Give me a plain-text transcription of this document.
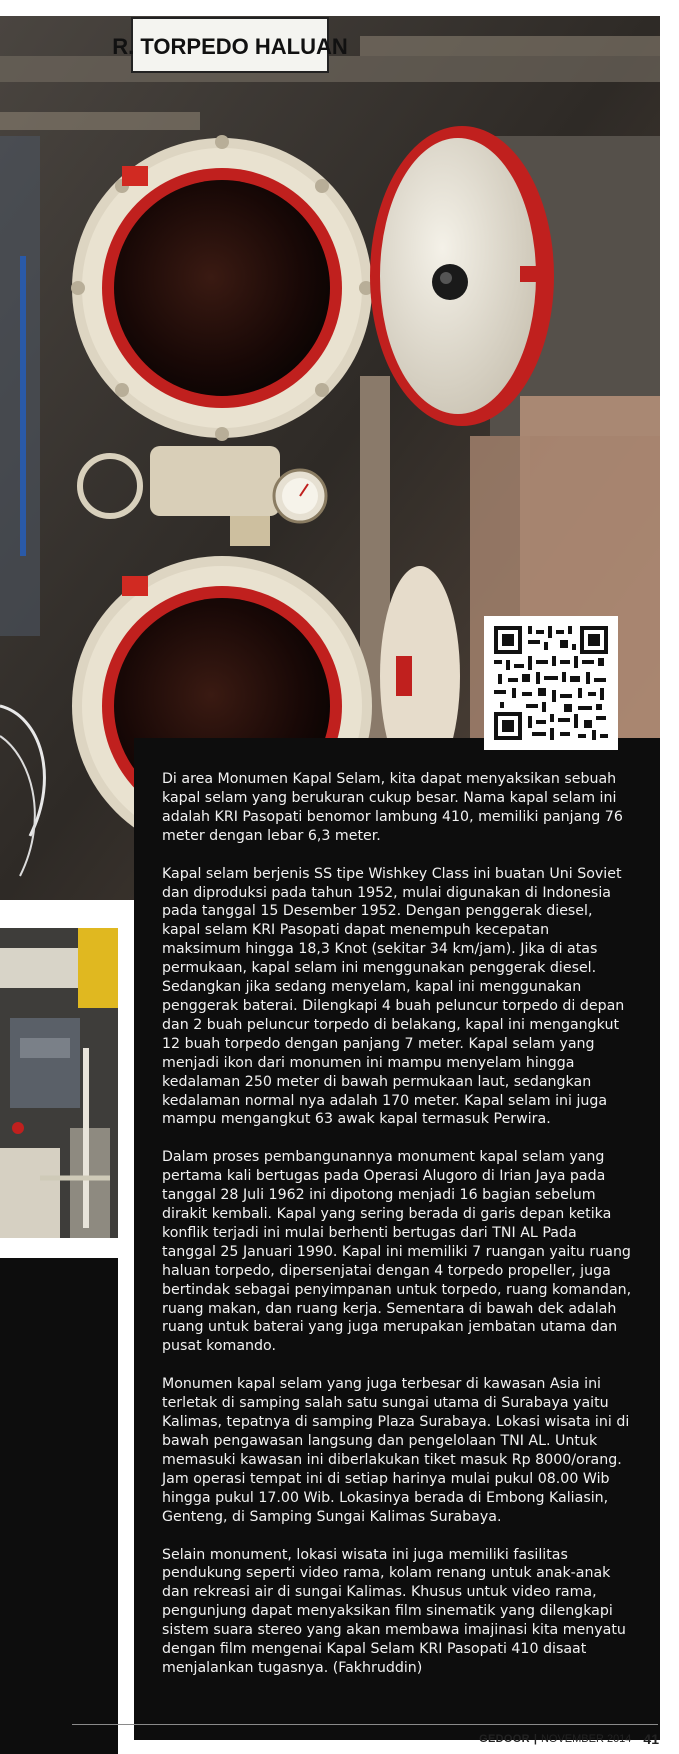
R. TORPEDO HALUAN

Di area Monumen Kapal Selam, kita dapat menyaksikan sebuah kapal selam yang berukuran cukup besar. Nama kapal selam ini adalah KRI Pasopati benomor lambung 410, memiliki panjang 76 meter dengan lebar 6,3 meter.

Kapal selam berjenis SS tipe Wishkey Class ini buatan Uni Soviet dan diproduksi pada tahun 1952, mulai digunakan di Indonesia pada tanggal 15 Desember 1952. Dengan penggerak diesel, kapal selam KRI Pasopati dapat menempuh kecepatan maksimum hingga 18,3 Knot (sekitar 34 km/jam). Jika di atas permukaan, kapal selam ini menggunakan penggerak diesel. Sedangkan jika sedang menyelam, kapal ini menggunakan penggerak baterai. Dilengkapi 4 buah peluncur torpedo di depan dan 2 buah peluncur torpedo di belakang, kapal ini mengangkut 12 buah torpedo dengan panjang 7 meter. Kapal selam yang menjadi ikon dari monumen ini mampu menyelam hingga kedalaman 250 meter di bawah permukaan laut, sedangkan kedalaman normal nya adalah 170 meter. Kapal selam ini juga mampu mengangkut 63 awak kapal termasuk Perwira.

Dalam proses pembangunannya monument kapal selam yang pertama kali bertugas pada Operasi Alugoro di Irian Jaya pada tanggal 28 Juli 1962 ini dipotong menjadi 16 bagian sebelum dirakit kembali. Kapal yang sering berada di garis depan ketika konflik terjadi ini mulai berhenti bertugas dari TNI AL Pada tanggal 25 Januari 1990. Kapal ini memiliki 7 ruangan yaitu ruang haluan torpedo, dipersenjatai dengan 4 torpedo propeller, juga bertindak sebagai penyimpanan untuk torpedo, ruang komandan, ruang makan, dan ruang kerja. Sementara di bawah dek adalah ruang untuk baterai yang juga merupakan jembatan utama dan pusat komando.

Monumen kapal selam yang juga terbesar di kawasan Asia ini terletak di samping salah satu sungai utama di Surabaya yaitu Kalimas, tepatnya di samping Plaza Surabaya. Lokasi wisata ini di bawah pengawasan langsung dan pengelolaan TNI AL. Untuk memasuki kawasan ini diberlakukan tiket masuk Rp 8000/orang. Jam operasi tempat ini di setiap harinya mulai pukul 08.00 Wib hingga pukul 17.00 Wib. Lokasinya berada di Embong Kaliasin, Genteng, di Samping Sungai Kalimas Surabaya.

Selain monument, lokasi wisata ini juga memiliki fasilitas pendukung seperti video rama, kolam renang untuk anak-anak dan rekreasi air di sungai Kalimas. Khusus untuk video rama, pengunjung dapat menyaksikan film sinematik yang dilengkapi sistem suara stereo yang akan membawa imajinasi kita menyatu dengan film mengenai Kapal Selam KRI Pasopati 410 disaat menjalankan tugasnya. (Fakhruddin)

GEDOOR | NOVEMBER 2014 41
